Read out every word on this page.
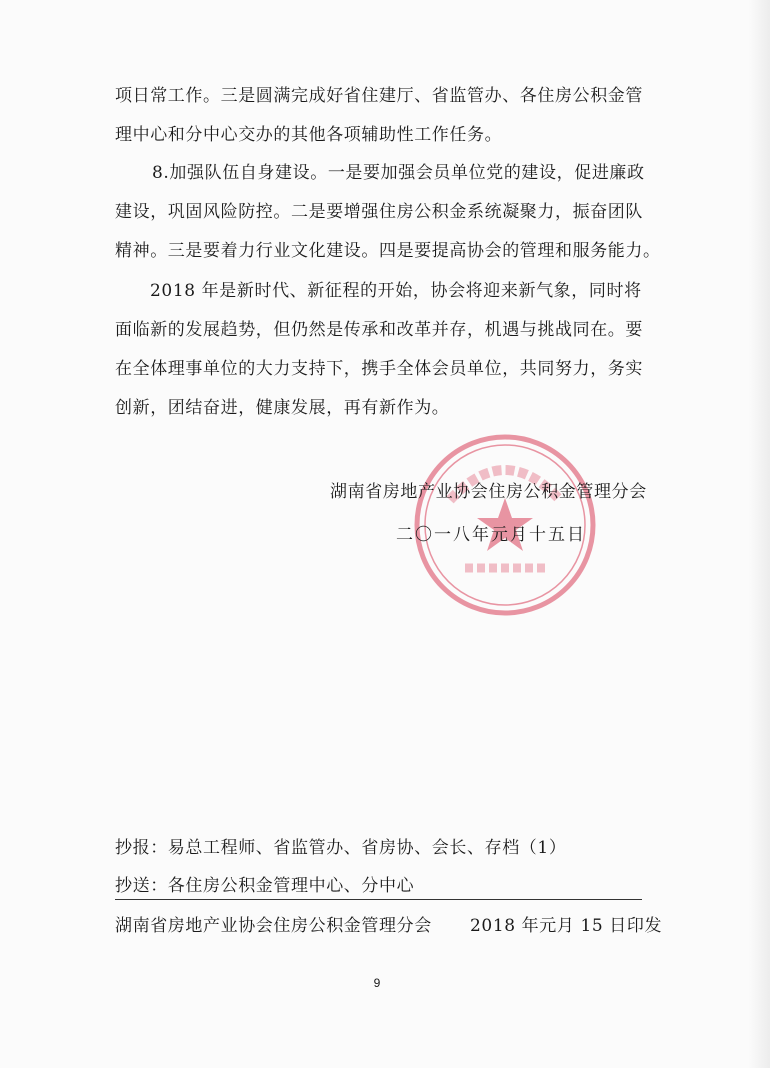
项日常工作。三是圆满完成好省住建厅、省监管办、各住房公积金管
理中心和分中心交办的其他各项辅助性工作任务。
8.加强队伍自身建设。一是要加强会员单位党的建设，促进廉政
建设，巩固风险防控。二是要增强住房公积金系统凝聚力，振奋团队
精神。三是要着力行业文化建设。四是要提高协会的管理和服务能力。
2018 年是新时代、新征程的开始，协会将迎来新气象，同时将
面临新的发展趋势，但仍然是传承和改革并存，机遇与挑战同在。要
在全体理事单位的大力支持下，携手全体会员单位，共同努力，务实
创新，团结奋进，健康发展，再有新作为。
湖南省房地产业协会住房公积金管理分会
二〇一八年元月十五日
抄报：易总工程师、省监管办、省房协、会长、存档（1）
抄送：各住房公积金管理中心、分中心
湖南省房地产业协会住房公积金管理分会 2018 年元月 15 日印发
9
